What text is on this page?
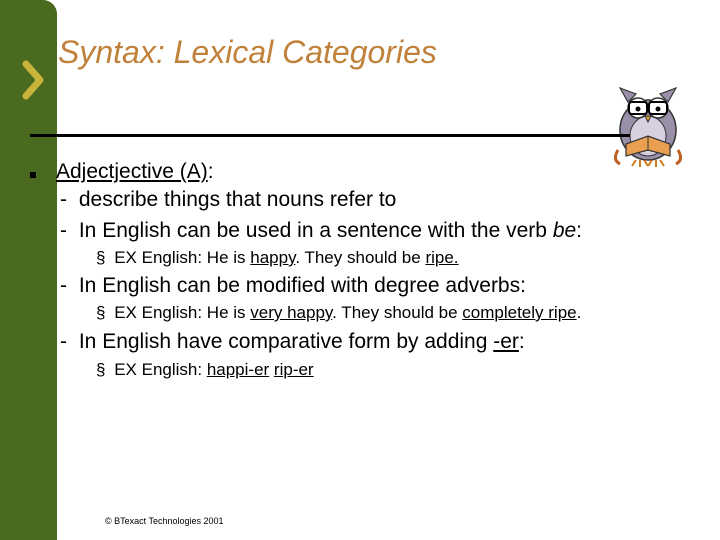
Syntax: Lexical Categories
Adjectjective (A):
- describe things that nouns refer to
- In English can be used in a sentence with the verb be:
§ EX English: He is happy. They should be ripe.
- In English can be modified with degree adverbs:
§ EX English: He is very happy. They should be completely ripe.
- In English have comparative form by adding -er:
§ EX English: happi-er rip-er
© BTexact Technologies 2001
